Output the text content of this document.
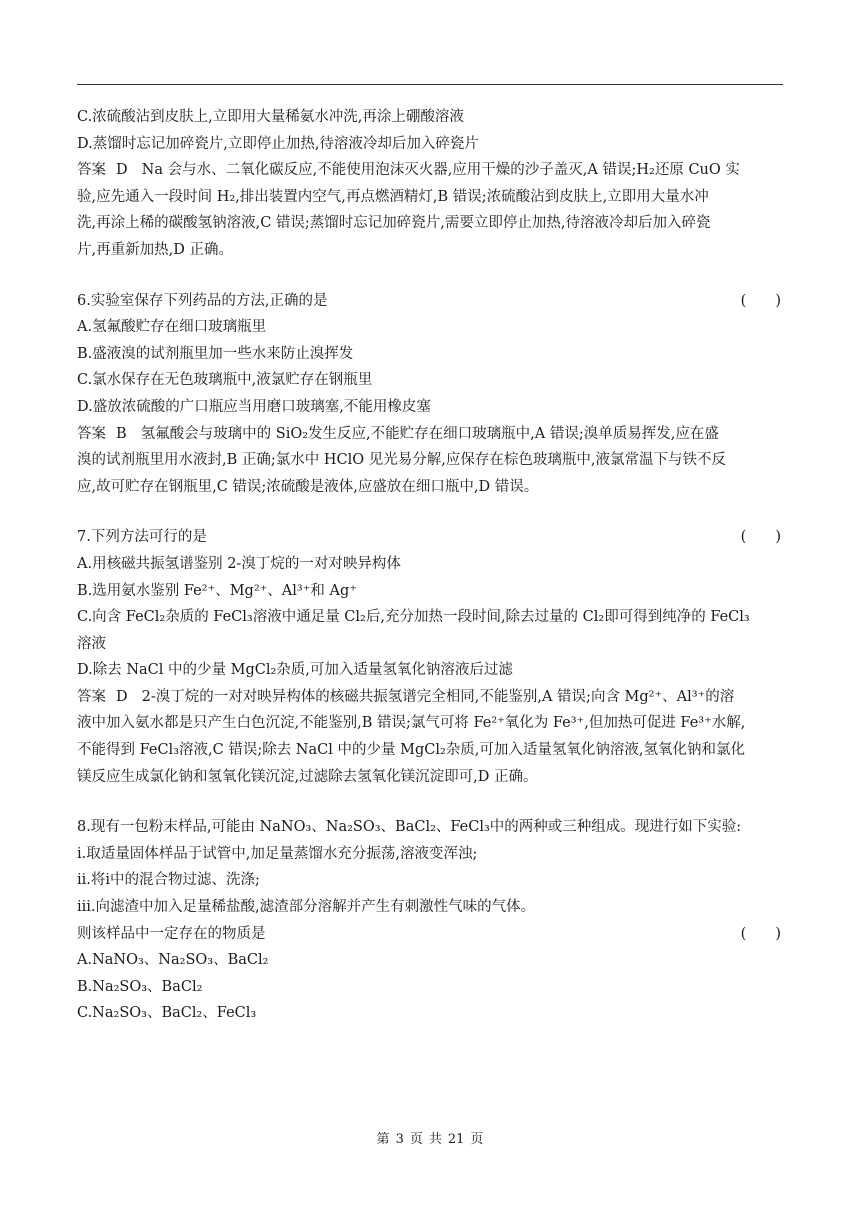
C.浓硫酸沾到皮肤上,立即用大量稀氨水冲洗,再涂上硼酸溶液
D.蒸馏时忘记加碎瓷片,立即停止加热,待溶液冷却后加入碎瓷片
答案 D Na 会与水、二氧化碳反应,不能使用泡沫灭火器,应用干燥的沙子盖灭,A 错误;H₂还原 CuO 实
验,应先通入一段时间 H₂,排出装置内空气,再点燃酒精灯,B 错误;浓硫酸沾到皮肤上,立即用大量水冲
洗,再涂上稀的碳酸氢钠溶液,C 错误;蒸馏时忘记加碎瓷片,需要立即停止加热,待溶液冷却后加入碎瓷
片,再重新加热,D 正确。
6.实验室保存下列药品的方法,正确的是	(　　)
A.氢氟酸贮存在细口玻璃瓶里
B.盛液溴的试剂瓶里加一些水来防止溴挥发
C.氯水保存在无色玻璃瓶中,液氯贮存在钢瓶里
D.盛放浓硫酸的广口瓶应当用磨口玻璃塞,不能用橡皮塞
答案 B 氢氟酸会与玻璃中的 SiO₂发生反应,不能贮存在细口玻璃瓶中,A 错误;溴单质易挥发,应在盛
溴的试剂瓶里用水液封,B 正确;氯水中 HClO 见光易分解,应保存在棕色玻璃瓶中,液氯常温下与铁不反
应,故可贮存在钢瓶里,C 错误;浓硫酸是液体,应盛放在细口瓶中,D 错误。
7.下列方法可行的是	(　　)
A.用核磁共振氢谱鉴别 2-溴丁烷的一对对映异构体
B.选用氨水鉴别 Fe²⁺、Mg²⁺、Al³⁺和 Ag⁺
C.向含 FeCl₂杂质的 FeCl₃溶液中通足量 Cl₂后,充分加热一段时间,除去过量的 Cl₂即可得到纯净的 FeCl₃
溶液
D.除去 NaCl 中的少量 MgCl₂杂质,可加入适量氢氧化钠溶液后过滤
答案 D 2-溴丁烷的一对对映异构体的核磁共振氢谱完全相同,不能鉴别,A 错误;向含 Mg²⁺、Al³⁺的溶
液中加入氨水都是只产生白色沉淀,不能鉴别,B 错误;氯气可将 Fe²⁺氧化为 Fe³⁺,但加热可促进 Fe³⁺水解,
不能得到 FeCl₃溶液,C 错误;除去 NaCl 中的少量 MgCl₂杂质,可加入适量氢氧化钠溶液,氢氧化钠和氯化
镁反应生成氯化钠和氢氧化镁沉淀,过滤除去氢氧化镁沉淀即可,D 正确。
8.现有一包粉末样品,可能由 NaNO₃、Na₂SO₃、BaCl₂、FeCl₃中的两种或三种组成。现进行如下实验:
ⅰ.取适量固体样品于试管中,加足量蒸馏水充分振荡,溶液变浑浊;
ⅱ.将ⅰ中的混合物过滤、洗涤;
ⅲ.向滤渣中加入足量稀盐酸,滤渣部分溶解并产生有刺激性气味的气体。
则该样品中一定存在的物质是	(　　)
A.NaNO₃、Na₂SO₃、BaCl₂
B.Na₂SO₃、BaCl₂
C.Na₂SO₃、BaCl₂、FeCl₃
第 3 页 共 21 页
